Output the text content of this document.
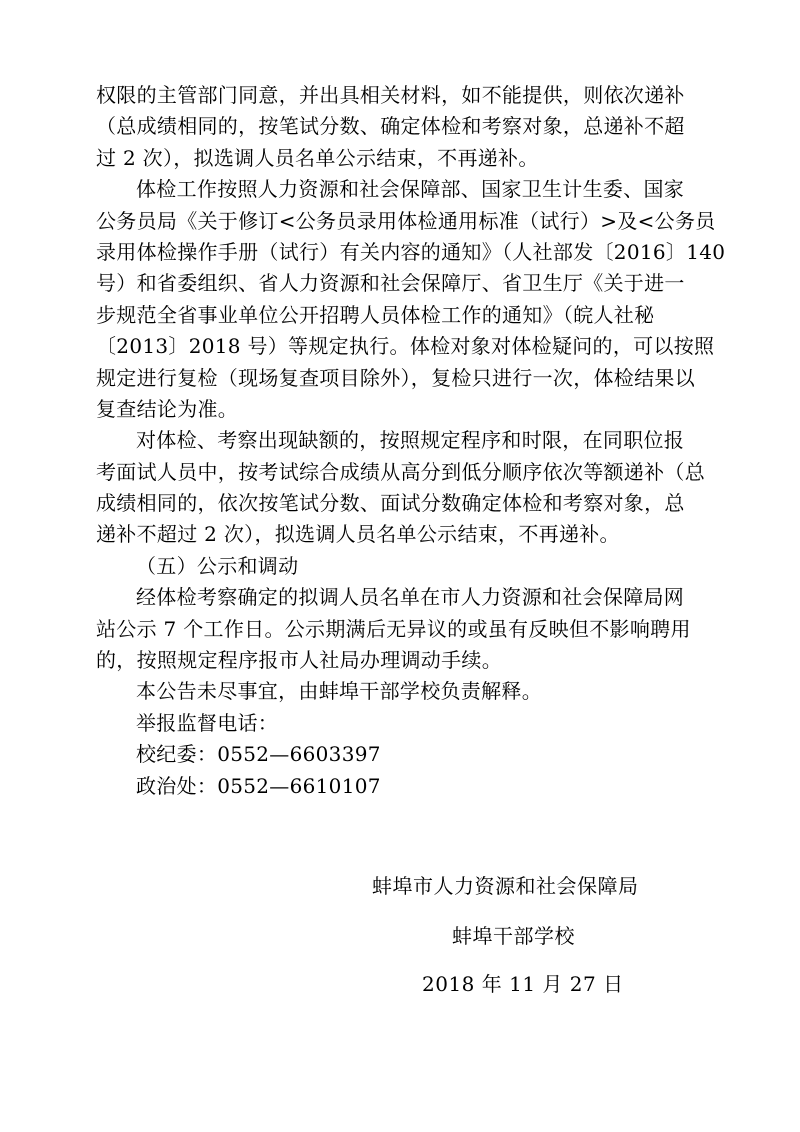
权限的主管部门同意，并出具相关材料，如不能提供，则依次递补
（总成绩相同的，按笔试分数、确定体检和考察对象，总递补不超
过 2 次），拟选调人员名单公示结束，不再递补。
体检工作按照人力资源和社会保障部、国家卫生计生委、国家
公务员局《关于修订<公务员录用体检通用标准（试行）>及<公务员
录用体检操作手册（试行）有关内容的通知》（人社部发〔2016〕140
号）和省委组织、省人力资源和社会保障厅、省卫生厅《关于进一
步规范全省事业单位公开招聘人员体检工作的通知》（皖人社秘
〔2013〕2018 号）等规定执行。体检对象对体检疑问的，可以按照
规定进行复检（现场复查项目除外），复检只进行一次，体检结果以
复查结论为准。
对体检、考察出现缺额的，按照规定程序和时限，在同职位报
考面试人员中，按考试综合成绩从高分到低分顺序依次等额递补（总
成绩相同的，依次按笔试分数、面试分数确定体检和考察对象，总
递补不超过 2 次），拟选调人员名单公示结束，不再递补。
（五）公示和调动
经体检考察确定的拟调人员名单在市人力资源和社会保障局网
站公示 7 个工作日。公示期满后无异议的或虽有反映但不影响聘用
的，按照规定程序报市人社局办理调动手续。
本公告未尽事宜，由蚌埠干部学校负责解释。
举报监督电话：
校纪委：0552—6603397
政治处：0552—6610107
蚌埠市人力资源和社会保障局
蚌埠干部学校
2018 年 11 月 27 日
